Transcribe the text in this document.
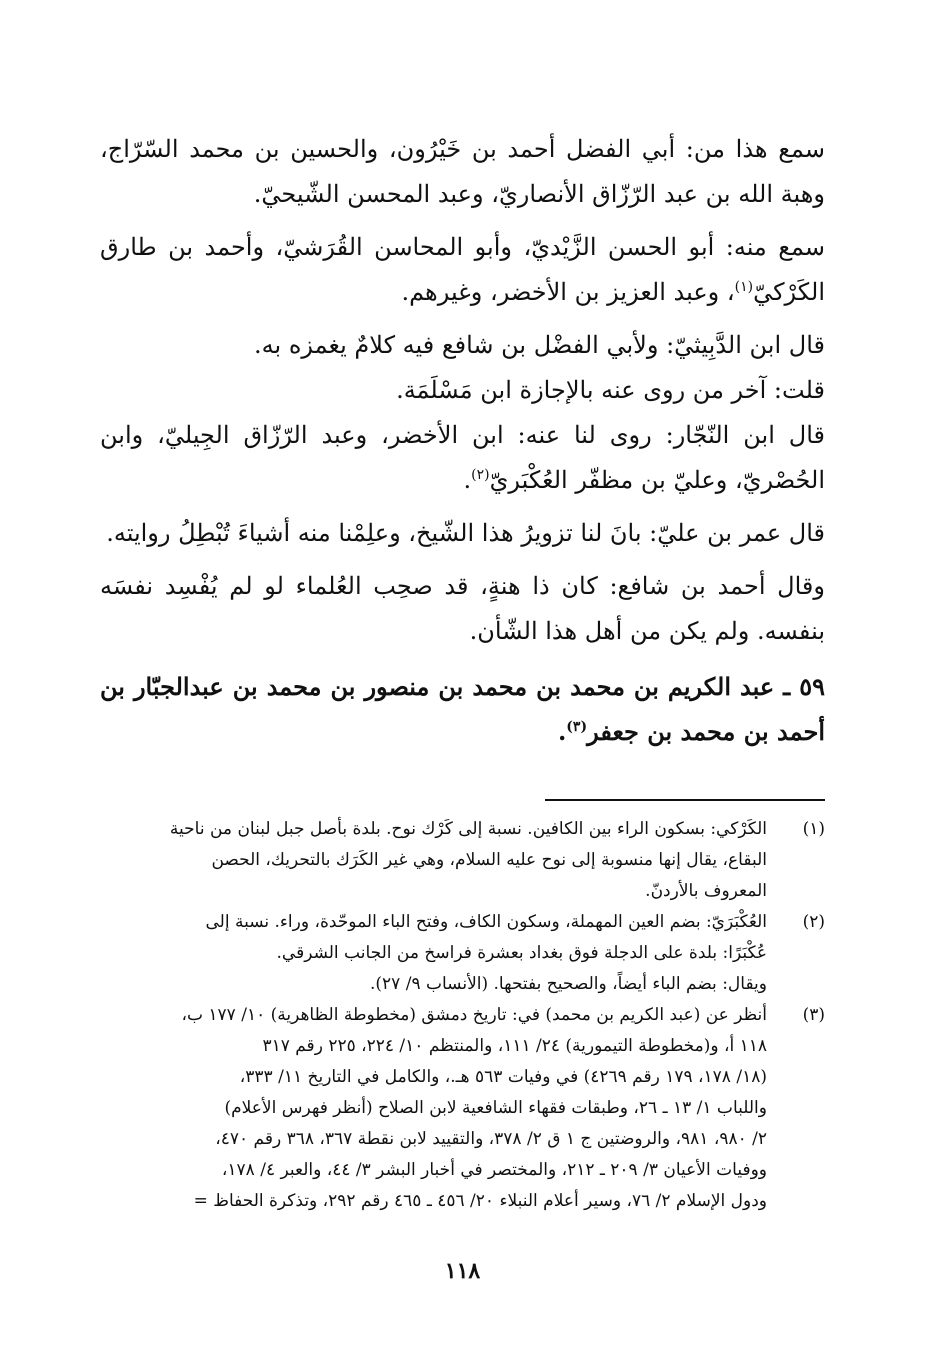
سمع هذا من: أبي الفضل أحمد بن خَيْرُون، والحسين بن محمد السّرّاج، وهبة الله بن عبد الرّزّاق الأنصاريّ، وعبد المحسن الشّيحيّ.

سمع منه: أبو الحسن الزَّيْديّ، وأبو المحاسن القُرَشيّ، وأحمد بن طارق الكَرْكيّ$^{(١)}$، وعبد العزيز بن الأخضر، وغيرهم.

قال ابن الدَّبِيثيّ: ولأبي الفضْل بن شافع فيه كلامٌ يغمزه به.

قلت: آخر من روى عنه بالإجازة ابن مَسْلَمَة.

قال ابن النّجّار: روى لنا عنه: ابن الأخضر، وعبد الرّزّاق الجِيليّ، وابن الحُصْريّ، وعليّ بن مظفّر العُكْبَريّ$^{(٢)}$.

قال عمر بن عليّ: بانَ لنا تزويرُ هذا الشّيخ، وعلِمْنا منه أشياءَ تُبْطِلُ روايته.

وقال أحمد بن شافع: كان ذا هنةٍ، قد صحِب العُلماء لو لم يُفْسِد نفسَه بنفسه. ولم يكن من أهل هذا الشّأن.

٥٩ ـ عبد الكريم بن محمد بن محمد بن منصور بن محمد بن عبدالجبّار بن أحمد بن محمد بن جعفر$^{(٣)}$.

(١)
الكَرْكي: بسكون الراء بين الكافين. نسبة إلى كَرْك نوح. بلدة بأصل جبل لبنان من ناحية
البقاع، يقال إنها منسوبة إلى نوح عليه السلام، وهي غير الكَرَك بالتحريك، الحصن
المعروف بالأردنّ.
(٢)
العُكْبَرَيّ: بضم العين المهملة، وسكون الكاف، وفتح الباء الموحّدة، وراء. نسبة إلى
عُكْبَرًا: بلدة على الدجلة فوق بغداد بعشرة فراسخ من الجانب الشرقي.
ويقال: بضم الباء أيضاً، والصحيح بفتحها. (الأنساب ٩/ ٢٧).
(٣)
أنظر عن (عبد الكريم بن محمد) في: تاريخ دمشق (مخطوطة الظاهرية) ١٠/ ١٧٧ ب،
١١٨ أ، و(مخطوطة التيمورية) ٢٤/ ١١١، والمنتظم ١٠/ ٢٢٤، ٢٢٥ رقم ٣١٧
(١٨/ ١٧٨، ١٧٩ رقم ٤٢٦٩) في وفيات ٥٦٣ هـ.، والكامل في التاريخ ١١/ ٣٣٣،
واللباب ١/ ١٣ ـ ٢٦، وطبقات فقهاء الشافعية لابن الصلاح (أنظر فهرس الأعلام)
٢/ ٩٨٠، ٩٨١، والروضتين ج ١ ق ٢/ ٣٧٨، والتقييد لابن نقطة ٣٦٧، ٣٦٨ رقم ٤٧٠،
ووفيات الأعيان ٣/ ٢٠٩ ـ ٢١٢، والمختصر في أخبار البشر ٣/ ٤٤، والعبر ٤/ ١٧٨،
ودول الإسلام ٢/ ٧٦، وسير أعلام النبلاء ٢٠/ ٤٥٦ ـ ٤٦٥ رقم ٢٩٢، وتذكرة الحفاظ =
١١٨
